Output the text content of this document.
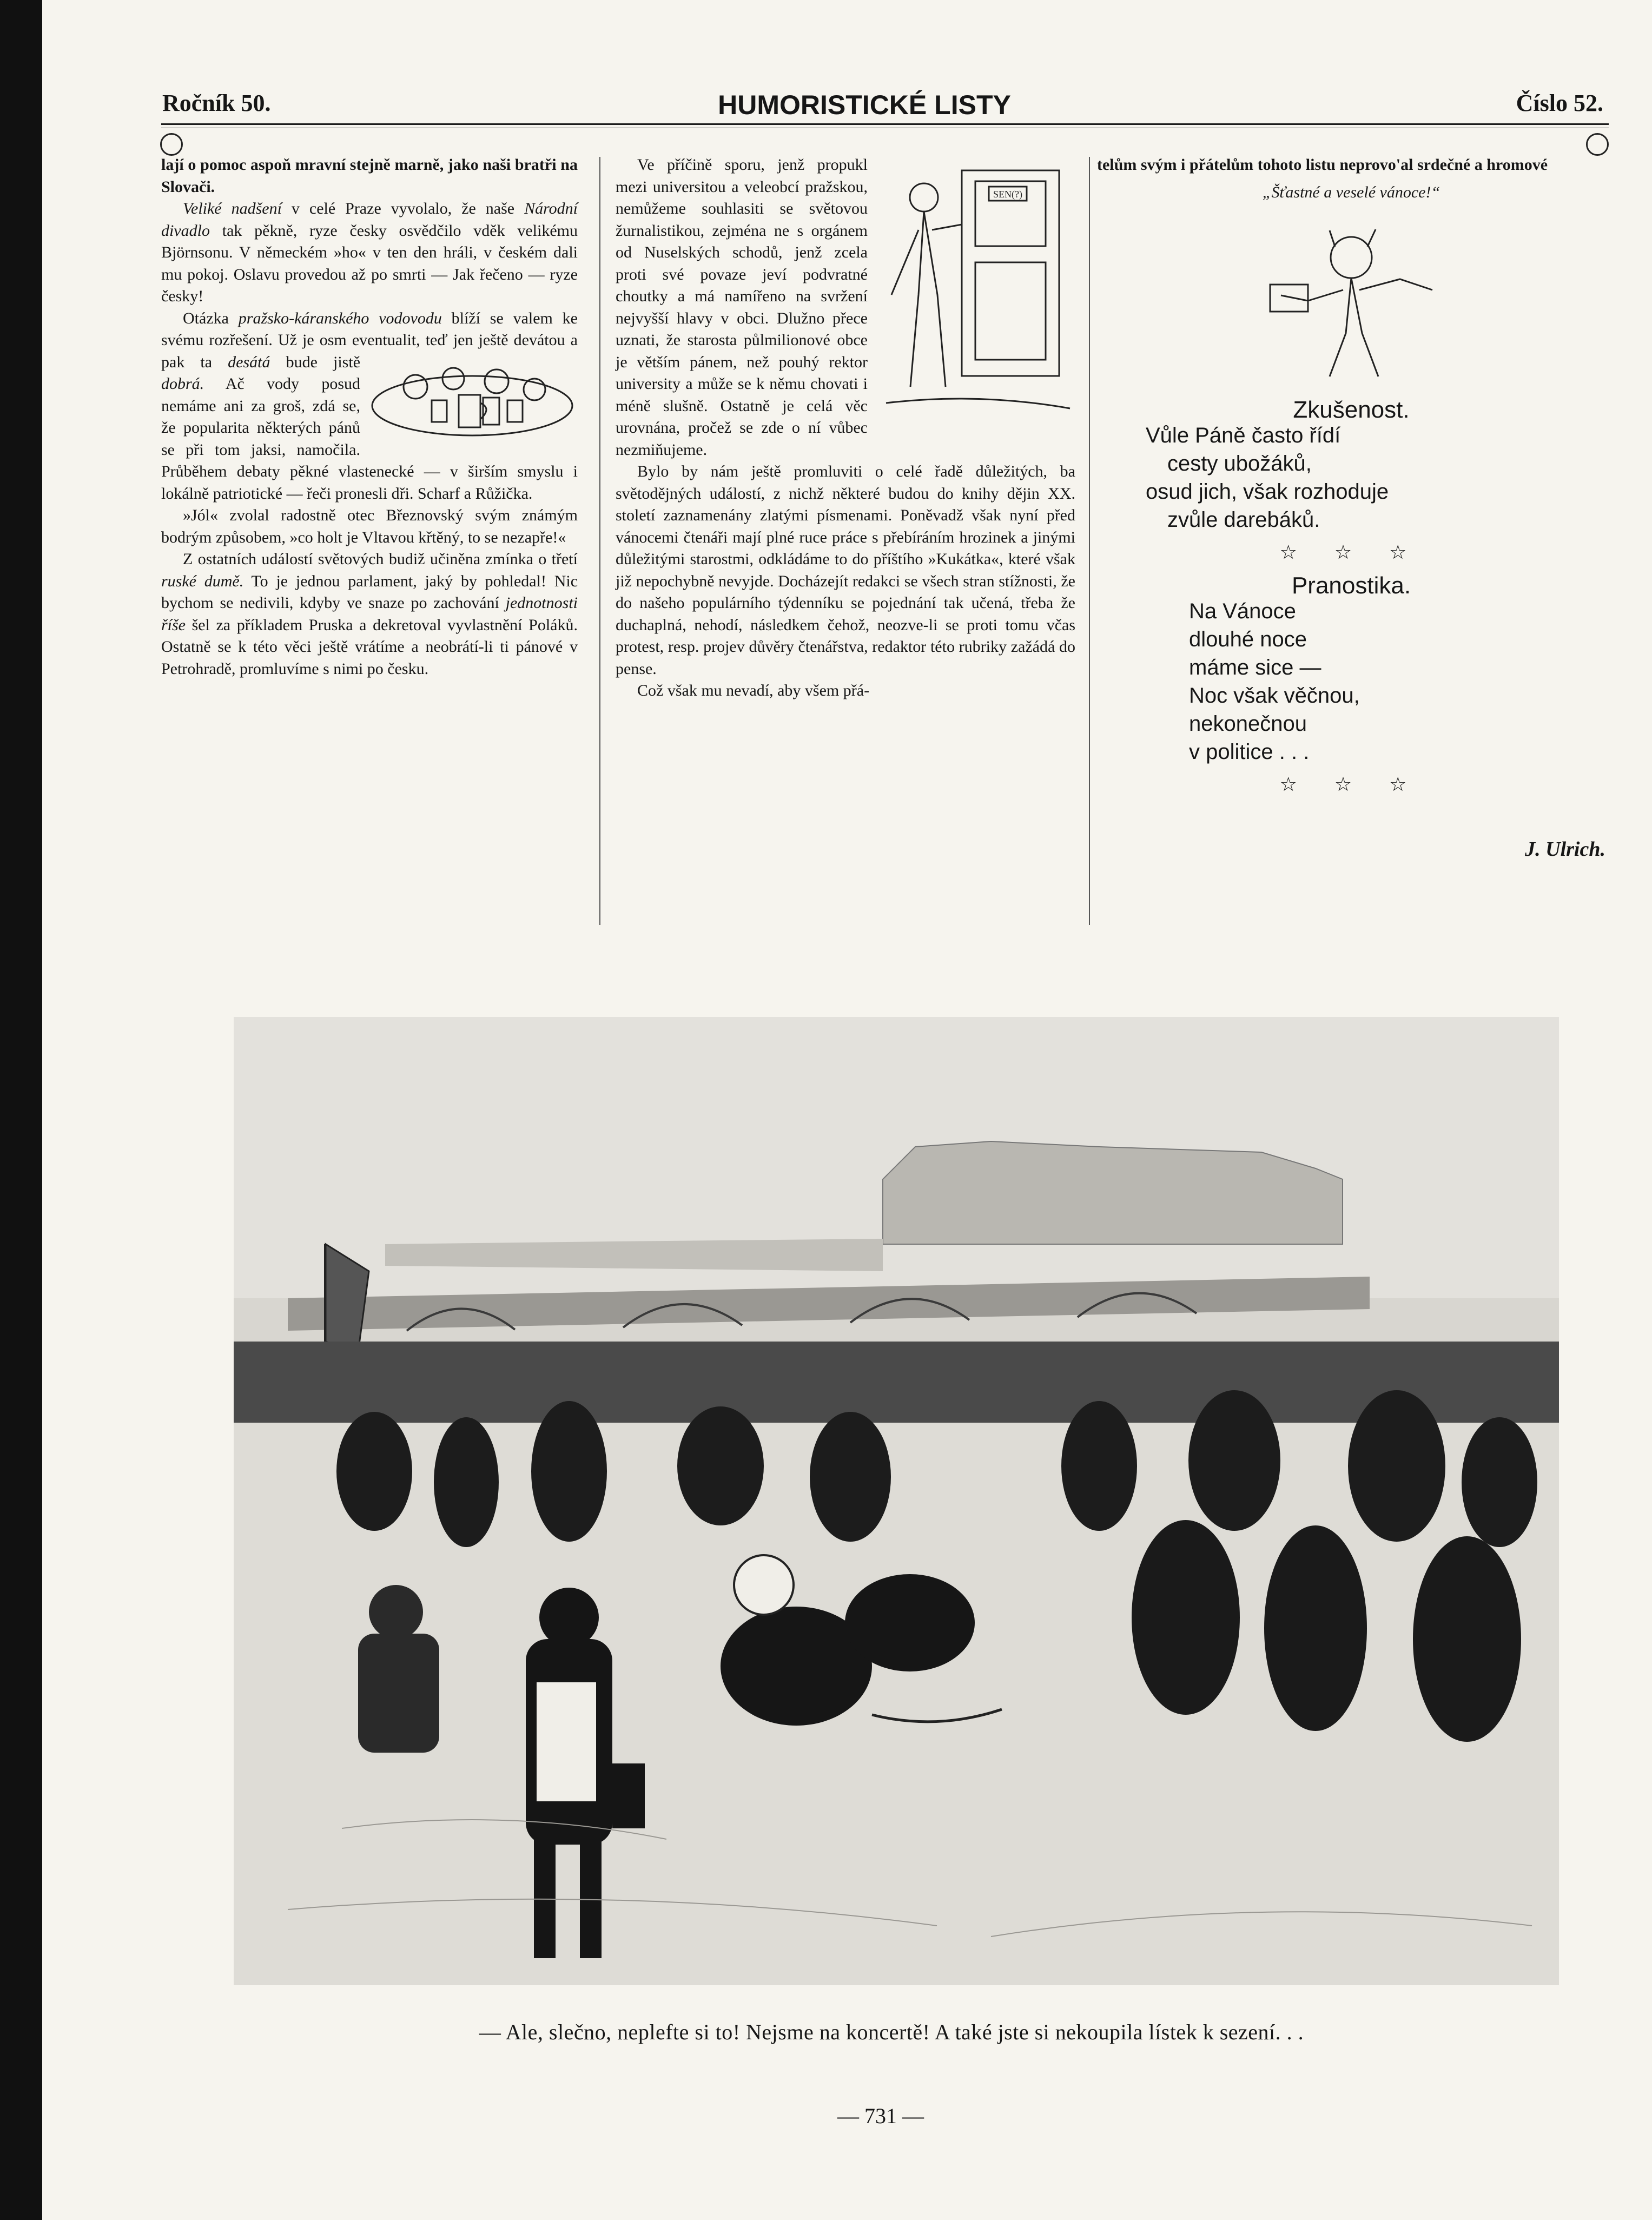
Ročník 50.	HUMORISTICKÉ LISTY	Číslo 52.

lají o pomoc aspoň mravní stejně marně, jako naši bratři na Slovači.

Veliké nadšení v celé Praze vyvolalo, že naše Národní divadlo tak pěkně, ryze česky osvědčilo vděk velikému Björnsonu. V německém »ho« v ten den hráli, v českém dali mu pokoj. Oslavu provedou až po smrti — Jak řečeno — ryze česky!

Otázka pražsko-káranského vodovodu blíží se valem ke svému rozřešení. Už je osm eventualit, teď jen ještě devátou a pak ta
desátá bude jistě dobrá. Ač vody posud nemáme ani za groš, zdá se, že popularita některých pánů se při tom jaksi, namočila. Průběhem debaty pěkné vlastenecké — v širším smyslu i lokálně patriotické — řeči pronesli dři. Scharf a Růžička.

»Jól« zvolal radostně otec Březnovský svým známým bodrým způsobem, »co holt je Vltavou křtěný, to se nezapře!«

Z ostatních událostí světových budiž učiněna zmínka o třetí ruské dumě. To je jednou parlament, jaký by pohledal! Nic bychom se nedivili, kdyby ve snaze po zachování jednotnosti říše šel za příkladem Pruska a dekretoval vyvlastnění Poláků. Ostatně se k této věci ještě vrátíme a neobrátí-li ti pánové v Petrohradě, promluvíme s nimi po česku.

SEN(?)
Ve příčině sporu, jenž propukl mezi universitou a veleobcí pražskou, nemůžeme souhlasiti se světovou žurnalistikou, zejména ne s orgánem od Nuselských schodů, jenž zcela proti své povaze jeví podvratné choutky a má namířeno na svržení nejvyšší hlavy v obci. Dlužno přece uznati, že starosta půlmilionové obce je větším pánem, než pouhý rektor university a může se k němu chovati i méně slušně. Ostatně je celá věc urovnána, pročež se zde o ní vůbec nezmiňujeme.

Bylo by nám ještě promluviti o celé řadě důležitých, ba světodějných událostí, z nichž některé budou do knihy dějin XX. století zaznamenány zlatými písmenami. Poněvadž však nyní před vánocemi čtenáři mají plné ruce práce s přebíráním hrozinek a jinými důležitými starostmi, odkládáme to do příštího »Kukátka«, které však již nepochybně nevyjde. Docházejít redakci se všech stran stížnosti, že do našeho populárního týdenníku se pojednání tak učená, třeba že duchaplná, nehodí, následkem čehož, neozve-li se proti tomu včas protest, resp. projev důvěry čtenářstva, redaktor této rubriky zažádá do pense.

Což však mu nevadí, aby všem přá-

telům svým i přátelům tohoto listu neprovo'al srdečné a hromové

„Šťastné a veselé vánoce!“
Zkušenost.
Vůle Páně často řídí
cesty ubožáků,
osud jich, však rozhoduje
zvůle darebáků.
☆ ☆ ☆
Pranostika.
Na Vánoce
dlouhé noce
máme sice —
Noc však věčnou,
nekonečnou
v politice . . .
☆ ☆ ☆
J. Ulrich.
— Ale, slečno, neplefte si to! Nejsme na koncertě! A také jste si nekoupila lístek k sezení. . .
— 731 —
